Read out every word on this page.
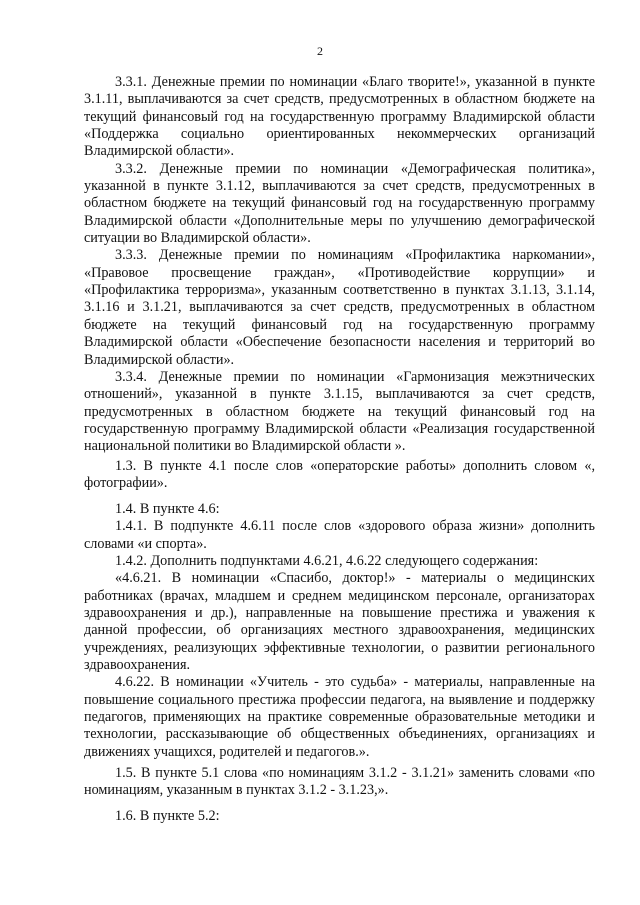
2

3.3.1. Денежные премии по номинации «Благо творите!», указанной в пункте 3.1.11, выплачиваются за счет средств, предусмотренных в областном бюджете на текущий финансовый год на государственную программу Владимирской области «Поддержка социально ориентированных некоммерческих организаций Владимирской области».

3.3.2. Денежные премии по номинации «Демографическая политика», указанной в пункте 3.1.12, выплачиваются за счет средств, предусмотренных в областном бюджете на текущий финансовый год на государственную программу Владимирской области «Дополнительные меры по улучшению демографической ситуации во Владимирской области».

3.3.3. Денежные премии по номинациям «Профилактика наркомании», «Правовое просвещение граждан», «Противодействие коррупции» и «Профилактика терроризма», указанным соответственно в пунктах 3.1.13, 3.1.14, 3.1.16 и 3.1.21, выплачиваются за счет средств, предусмотренных в областном бюджете на текущий финансовый год на государственную программу Владимирской области «Обеспечение безопасности населения и территорий во Владимирской области».

3.3.4. Денежные премии по номинации «Гармонизация межэтнических отношений», указанной в пункте 3.1.15, выплачиваются за счет средств, предусмотренных в областном бюджете на текущий финансовый год на государственную программу Владимирской области «Реализация государственной национальной политики во Владимирской области ».

1.3. В пункте 4.1 после слов «операторские работы» дополнить словом «, фотографии».

1.4. В пункте 4.6:

1.4.1. В подпункте 4.6.11 после слов «здорового образа жизни» дополнить словами «и спорта».

1.4.2. Дополнить подпунктами 4.6.21, 4.6.22 следующего содержания:

«4.6.21. В номинации «Спасибо, доктор!» - материалы о медицинских работниках (врачах, младшем и среднем медицинском персонале, организаторах здравоохранения и др.), направленные на повышение престижа и уважения к данной профессии, об организациях местного здравоохранения, медицинских учреждениях, реализующих эффективные технологии, о развитии регионального здравоохранения.

4.6.22. В номинации «Учитель - это судьба» - материалы, направленные на повышение социального престижа профессии педагога, на выявление и поддержку педагогов, применяющих на практике современные образовательные методики и технологии, рассказывающие об общественных объединениях, организациях и движениях учащихся, родителей и педагогов.».

1.5. В пункте 5.1 слова «по номинациям 3.1.2 - 3.1.21» заменить словами «по номинациям, указанным в пунктах 3.1.2 - 3.1.23,».

1.6. В пункте 5.2:
